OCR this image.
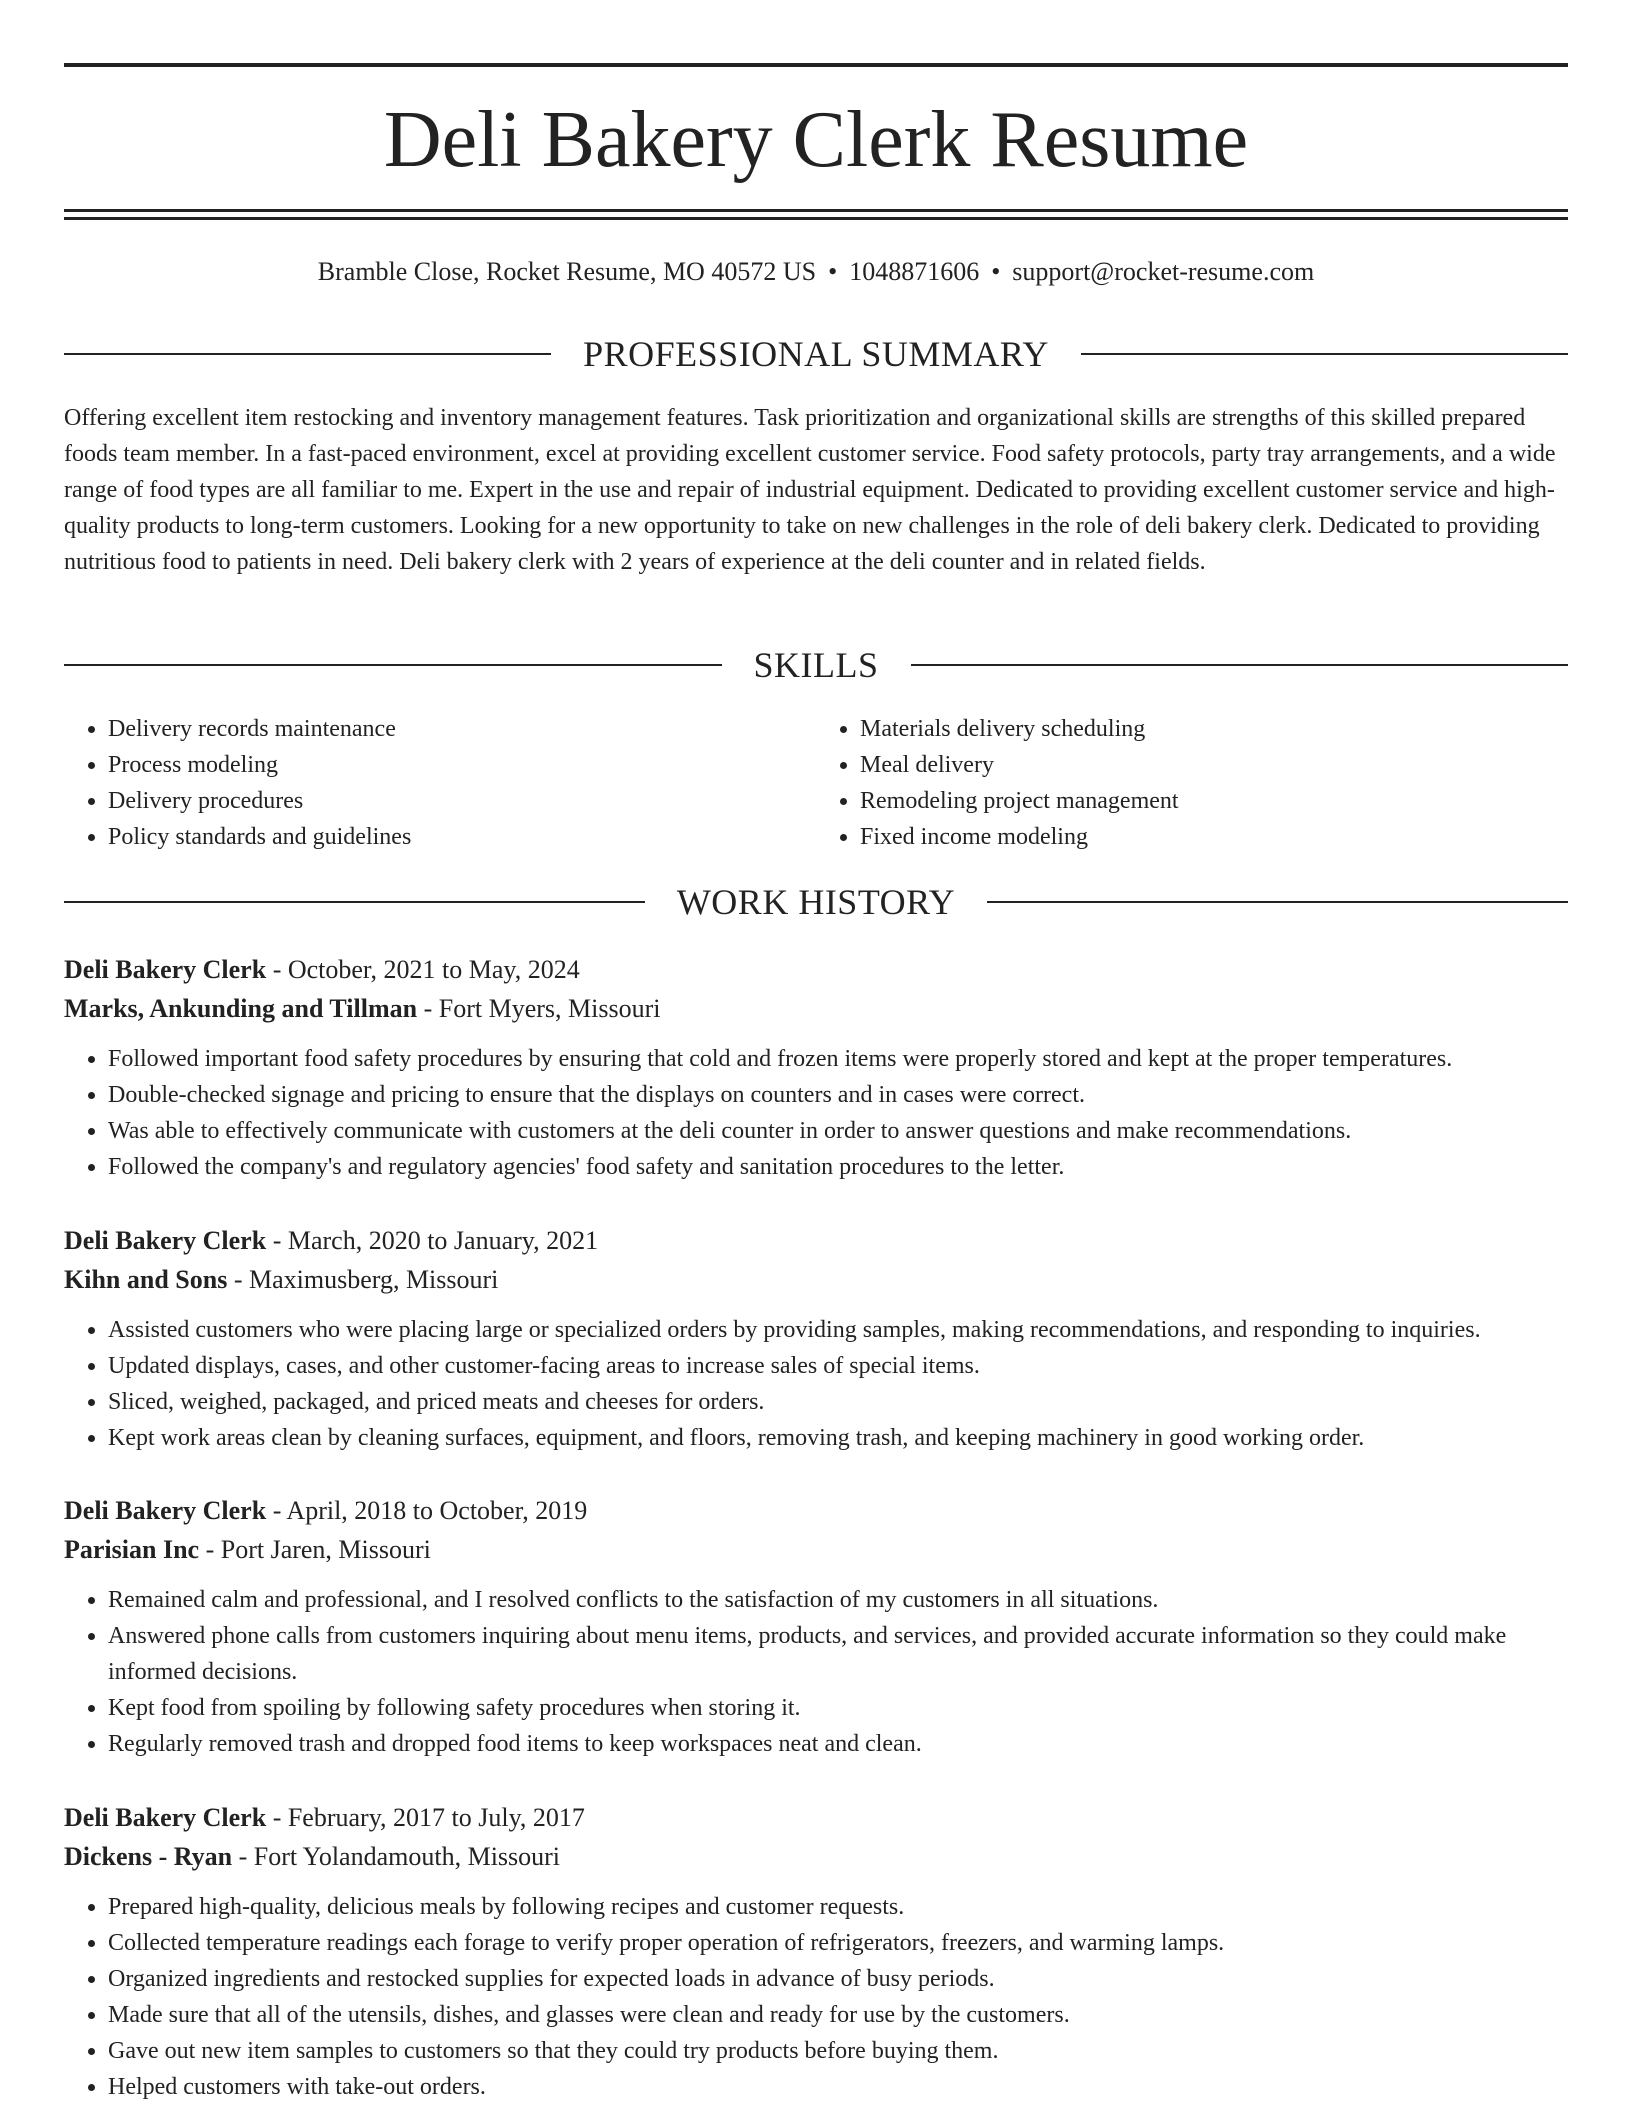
Deli Bakery Clerk Resume
Bramble Close, Rocket Resume, MO 40572 US • 1048871606 • support@rocket-resume.com
PROFESSIONAL SUMMARY

Offering excellent item restocking and inventory management features. Task prioritization and organizational skills are strengths of this skilled prepared foods team member. In a fast-paced environment, excel at providing excellent customer service. Food safety protocols, party tray arrangements, and a wide range of food types are all familiar to me. Expert in the use and repair of industrial equipment. Dedicated to providing excellent customer service and high-quality products to long-term customers. Looking for a new opportunity to take on new challenges in the role of deli bakery clerk. Dedicated to providing nutritious food to patients in need. Deli bakery clerk with 2 years of experience at the deli counter and in related fields.

SKILLS
• Delivery records maintenance
• Process modeling
• Delivery procedures
• Policy standards and guidelines
• Materials delivery scheduling
• Meal delivery
• Remodeling project management
• Fixed income modeling
WORK HISTORY
Deli Bakery Clerk - October, 2021 to May, 2024
Marks, Ankunding and Tillman - Fort Myers, Missouri
• Followed important food safety procedures by ensuring that cold and frozen items were properly stored and kept at the proper temperatures.
• Double-checked signage and pricing to ensure that the displays on counters and in cases were correct.
• Was able to effectively communicate with customers at the deli counter in order to answer questions and make recommendations.
• Followed the company's and regulatory agencies' food safety and sanitation procedures to the letter.
Deli Bakery Clerk - March, 2020 to January, 2021
Kihn and Sons - Maximusberg, Missouri
• Assisted customers who were placing large or specialized orders by providing samples, making recommendations, and responding to inquiries.
• Updated displays, cases, and other customer-facing areas to increase sales of special items.
• Sliced, weighed, packaged, and priced meats and cheeses for orders.
• Kept work areas clean by cleaning surfaces, equipment, and floors, removing trash, and keeping machinery in good working order.
Deli Bakery Clerk - April, 2018 to October, 2019
Parisian Inc - Port Jaren, Missouri
• Remained calm and professional, and I resolved conflicts to the satisfaction of my customers in all situations.
• Answered phone calls from customers inquiring about menu items, products, and services, and provided accurate information so they could make informed decisions.
• Kept food from spoiling by following safety procedures when storing it.
• Regularly removed trash and dropped food items to keep workspaces neat and clean.
Deli Bakery Clerk - February, 2017 to July, 2017
Dickens - Ryan - Fort Yolandamouth, Missouri
• Prepared high-quality, delicious meals by following recipes and customer requests.
• Collected temperature readings each forage to verify proper operation of refrigerators, freezers, and warming lamps.
• Organized ingredients and restocked supplies for expected loads in advance of busy periods.
• Made sure that all of the utensils, dishes, and glasses were clean and ready for use by the customers.
• Gave out new item samples to customers so that they could try products before buying them.
• Helped customers with take-out orders.
